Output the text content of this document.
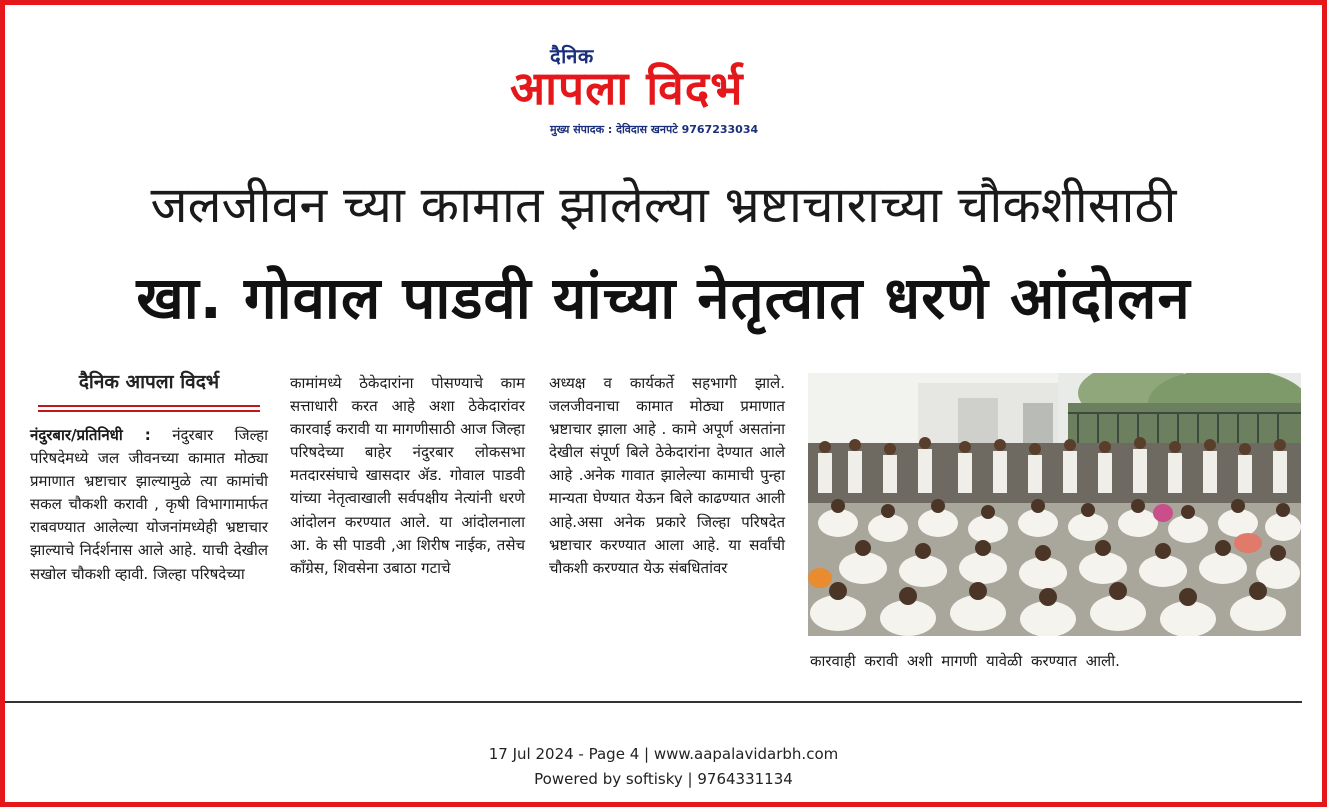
दैनिक
आपला विदर्भ
मुख्य संपादक : देविदास खनपटे 9767233034
जलजीवन च्या कामात झालेल्या भ्रष्टाचाराच्या चौकशीसाठी
खा. गोवाल पाडवी यांच्या नेतृत्वात धरणे आंदोलन
दैनिक आपला विदर्भ
नंदुरबार/प्रतिनिधी : नंदुरबार जिल्हा परिषदेमध्ये जल जीवनच्या कामात मोठ्या प्रमाणात भ्रष्टाचार झाल्यामुळे त्या कामांची सकल चौकशी करावी , कृषी विभागामार्फत राबवण्यात आलेल्या योजनांमध्येही भ्रष्टाचार झाल्याचे निर्दर्शनास आले आहे. याची देखील सखोल चौकशी व्हावी. जिल्हा परिषदेच्या
कामांमध्ये ठेकेदारांना पोसण्याचे काम सत्ताधारी करत आहे अशा ठेकेदारांवर कारवाई करावी या मागणीसाठी आज जिल्हा परिषदेच्या बाहेर नंदुरबार लोकसभा मतदारसंघाचे खासदार ॲड. गोवाल पाडवी यांच्या नेतृत्वाखाली सर्वपक्षीय नेत्यांनी धरणे आंदोलन करण्यात आले. या आंदोलनाला आ. के सी पाडवी ,आ शिरीष नाईक, तसेच काँग्रेस, शिवसेना उबाठा गटाचे
अध्यक्ष व कार्यकर्ते सहभागी झाले. जलजीवनाचा कामात मोठ्या प्रमाणात भ्रष्टाचार झाला आहे . कामे अपूर्ण असतांना देखील संपूर्ण बिले ठेकेदारांना देण्यात आले आहे .अनेक गावात झालेल्या कामाची पुन्हा मान्यता घेण्यात येऊन बिले काढण्यात आली आहे.असा अनेक प्रकारे जिल्हा परिषदेत भ्रष्टाचार करण्यात आला आहे. या सर्वांची चौकशी करण्यात येऊ संबधितांवर
कारवाही करावी अशी मागणी यावेळी करण्यात आली.
17 Jul 2024 - Page 4 | www.aapalavidarbh.com
Powered by softisky | 9764331134
